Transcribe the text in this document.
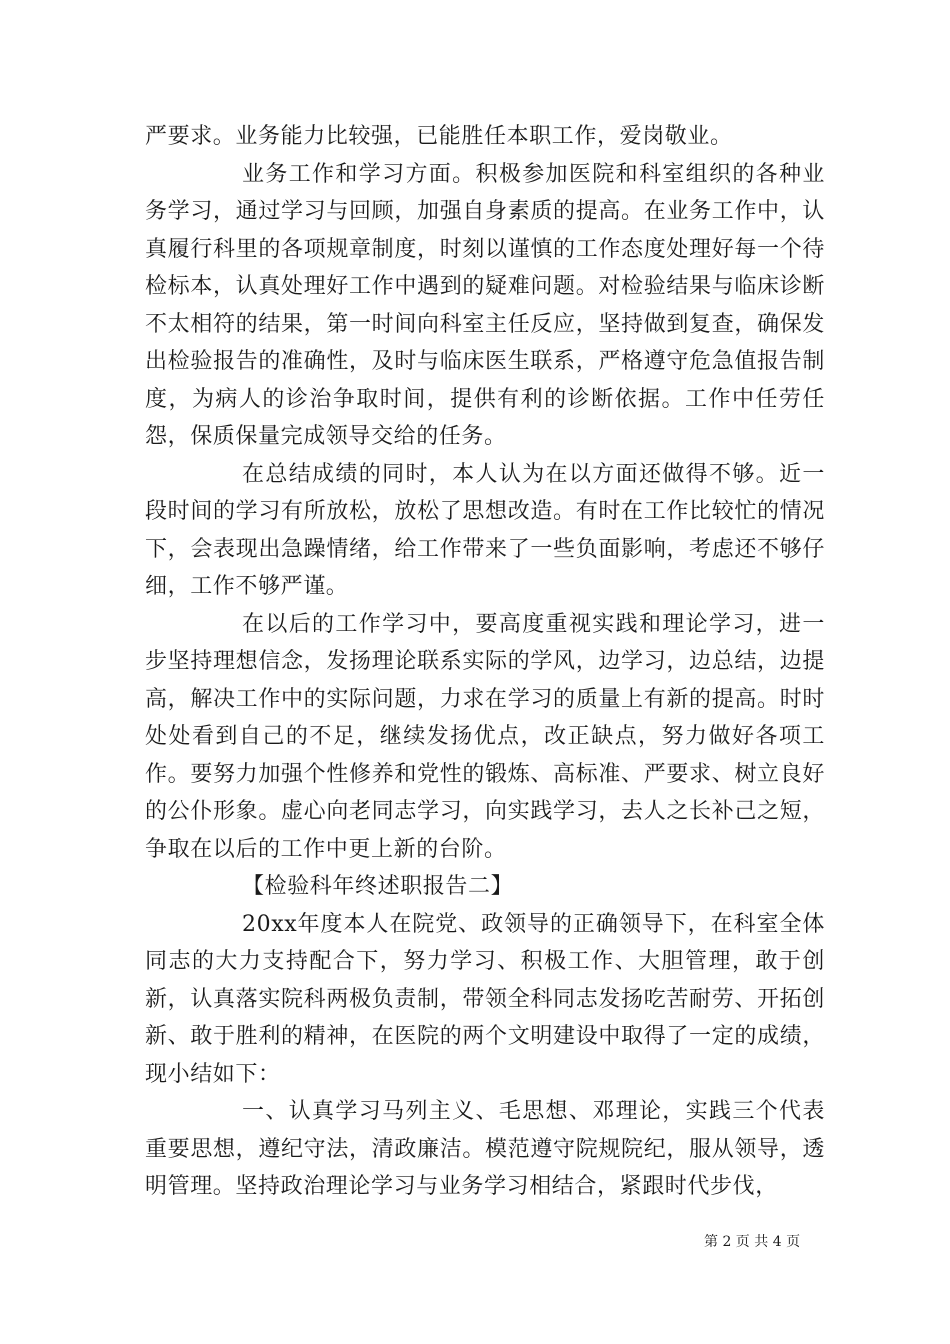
严要求。业务能力比较强，已能胜任本职工作，爱岗敬业。

业务工作和学习方面。积极参加医院和科室组织的各种业务学习，通过学习与回顾，加强自身素质的提高。在业务工作中，认真履行科里的各项规章制度，时刻以谨慎的工作态度处理好每一个待检标本，认真处理好工作中遇到的疑难问题。对检验结果与临床诊断不太相符的结果，第一时间向科室主任反应，坚持做到复查，确保发出检验报告的准确性，及时与临床医生联系，严格遵守危急值报告制度，为病人的诊治争取时间，提供有利的诊断依据。工作中任劳任怨，保质保量完成领导交给的任务。

在总结成绩的同时，本人认为在以方面还做得不够。近一段时间的学习有所放松，放松了思想改造。有时在工作比较忙的情况下，会表现出急躁情绪，给工作带来了一些负面影响，考虑还不够仔细，工作不够严谨。

在以后的工作学习中，要高度重视实践和理论学习，进一步坚持理想信念，发扬理论联系实际的学风，边学习，边总结，边提高，解决工作中的实际问题，力求在学习的质量上有新的提高。时时处处看到自己的不足，继续发扬优点，改正缺点，努力做好各项工作。要努力加强个性修养和党性的锻炼、高标准、严要求、树立良好的公仆形象。虚心向老同志学习，向实践学习，去人之长补己之短，争取在以后的工作中更上新的台阶。

【检验科年终述职报告二】

20xx年度本人在院党、政领导的正确领导下，在科室全体同志的大力支持配合下，努力学习、积极工作、大胆管理，敢于创新，认真落实院科两极负责制，带领全科同志发扬吃苦耐劳、开拓创新、敢于胜利的精神，在医院的两个文明建设中取得了一定的成绩，现小结如下：

一、认真学习马列主义、毛思想、邓理论，实践三个代表重要思想，遵纪守法，清政廉洁。模范遵守院规院纪，服从领导，透明管理。坚持政治理论学习与业务学习相结合，紧跟时代步伐，

第 2 页 共 4 页
